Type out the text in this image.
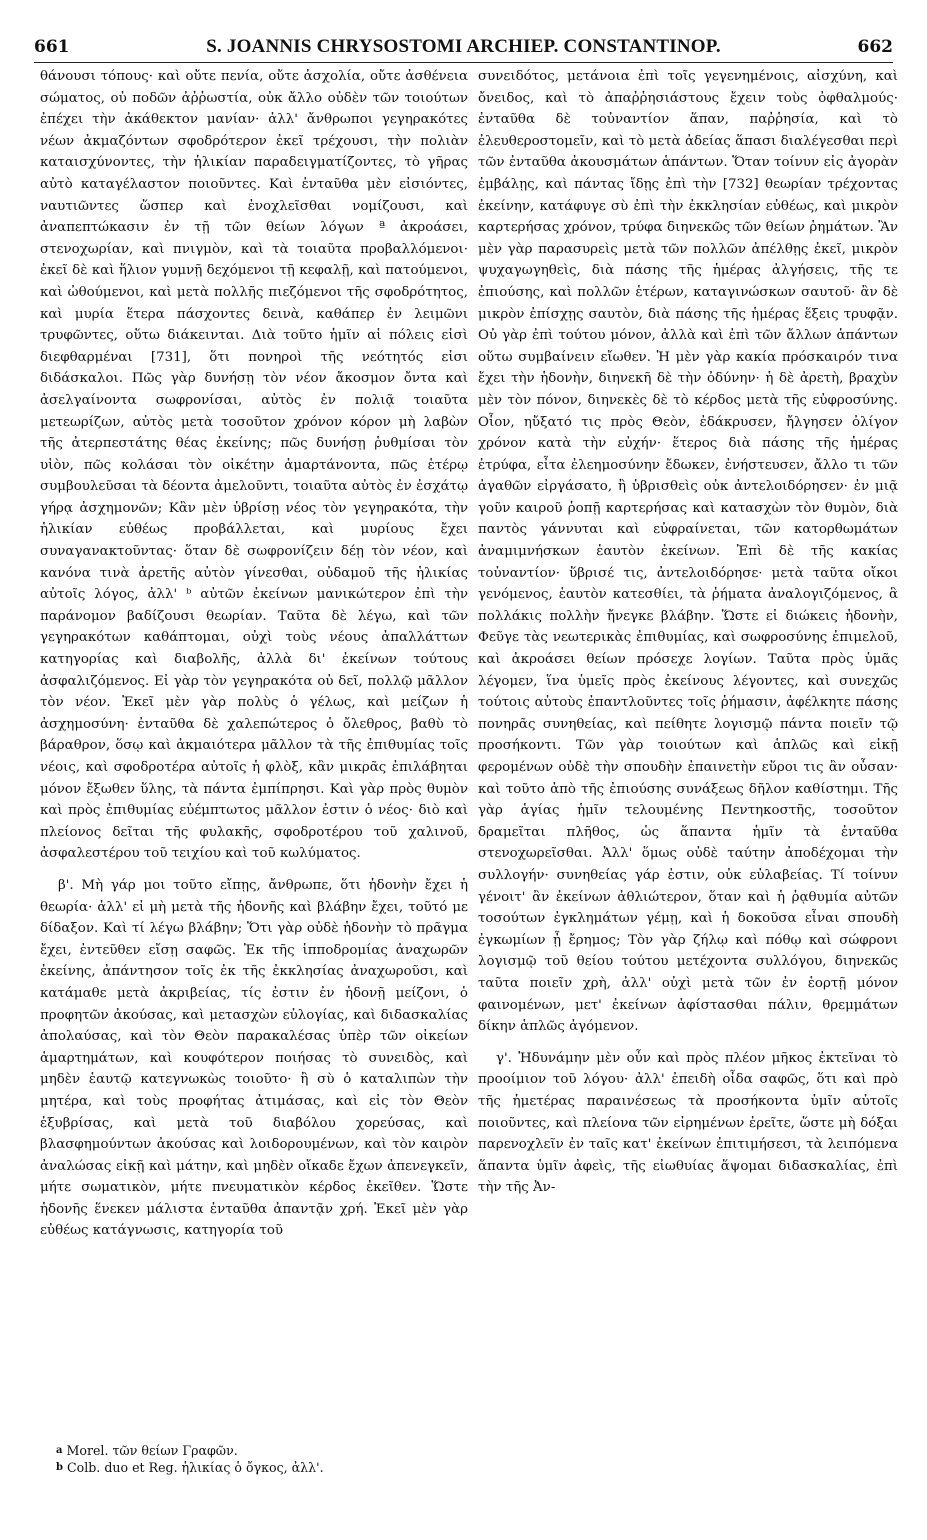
661	S. JOANNIS CHRYSOSTOMI ARCHIEP. CONSTANTINOP.	662

θάνουσι τόπους· καὶ οὔτε πενία, οὔτε ἀσχολία, οὔτε ἀσθένεια σώματος, οὐ ποδῶν ἀῤῥωστία, οὐκ ἄλλο οὐδὲν τῶν τοιούτων ἐπέχει τὴν ἀκάθεκτον μανίαν· ἀλλ' ἄνθρωποι γεγηρακότες νέων ἀκμαζόντων σφοδρότερον ἐκεῖ τρέχουσι, τὴν πολιὰν καταισχύνοντες, τὴν ἡλικίαν παραδειγματίζοντες, τὸ γῆρας αὐτὸ καταγέλαστον ποιοῦντες. Καὶ ἐνταῦθα μὲν εἰσιόντες, ναυτιῶντες ὥσπερ καὶ ἐνοχλεῖσθαι νομίζουσι, καὶ ἀναπεπτώκασιν ἐν τῇ τῶν θείων λόγων ª ἀκροάσει, στενοχωρίαν, καὶ πνιγμὸν, καὶ τὰ τοιαῦτα προβαλλόμενοι· ἐκεῖ δὲ καὶ ἥλιον γυμνῇ δεχόμενοι τῇ κεφαλῇ, καὶ πατούμενοι, καὶ ὠθούμενοι, καὶ μετὰ πολλῆς πιεζόμενοι τῆς σφοδρότητος, καὶ μυρία ἕτερα πάσχοντες δεινὰ, καθάπερ ἐν λειμῶνι τρυφῶντες, οὕτω διάκεινται. Διὰ τοῦτο ἡμῖν αἱ πόλεις εἰσὶ διεφθαρμέναι [731], ὅτι πονηροὶ τῆς νεότητός εἰσι διδάσκαλοι. Πῶς γὰρ δυνήσῃ τὸν νέον ἄκοσμον ὄντα καὶ ἀσελγαίνοντα σωφρονίσαι, αὐτὸς ἐν πολιᾷ τοιαῦτα μετεωρίζων, αὐτὸς μετὰ τοσοῦτον χρόνον κόρον μὴ λαβὼν τῆς ἀτερπεστάτης θέας ἐκείνης; πῶς δυνήσῃ ῥυθμίσαι τὸν υἱὸν, πῶς κολάσαι τὸν οἰκέτην ἁμαρτάνοντα, πῶς ἑτέρῳ συμβουλεῦσαι τὰ δέοντα ἀμελοῦντι, τοιαῦτα αὐτὸς ἐν ἐσχάτῳ γήρᾳ ἀσχημονῶν; Κἂν μὲν ὑβρίσῃ νέος τὸν γεγηρακότα, τὴν ἡλικίαν εὐθέως προβάλλεται, καὶ μυρίους ἔχει συναγανακτοῦντας· ὅταν δὲ σωφρονίζειν δέῃ τὸν νέον, καὶ κανόνα τινὰ ἀρετῆς αὐτὸν γίνεσθαι, οὐδαμοῦ τῆς ἡλικίας αὐτοῖς λόγος, ἀλλ' ᵇ αὐτῶν ἐκείνων μανικώτερον ἐπὶ τὴν παράνομον βαδίζουσι θεωρίαν. Ταῦτα δὲ λέγω, καὶ τῶν γεγηρακότων καθάπτομαι, οὐχὶ τοὺς νέους ἀπαλλάττων κατηγορίας καὶ διαβολῆς, ἀλλὰ δι' ἐκείνων τούτους ἀσφαλιζόμενος. Εἰ γὰρ τὸν γεγηρακότα οὐ δεῖ, πολλῷ μᾶλλον τὸν νέον. Ἐκεῖ μὲν γὰρ πολὺς ὁ γέλως, καὶ μείζων ἡ ἀσχημοσύνη· ἐνταῦθα δὲ χαλεπώτερος ὁ ὄλεθρος, βαθὺ τὸ βάραθρον, ὅσῳ καὶ ἀκμαιότερα μᾶλλον τὰ τῆς ἐπιθυμίας τοῖς νέοις, καὶ σφοδροτέρα αὐτοῖς ἡ φλὸξ, κἂν μικρᾶς ἐπιλάβηται μόνον ἔξωθεν ὕλης, τὰ πάντα ἐμπίπρησι. Καὶ γὰρ πρὸς θυμὸν καὶ πρὸς ἐπιθυμίας εὐέμπτωτος μᾶλλον ἐστιν ὁ νέος· διὸ καὶ πλείονος δεῖται τῆς φυλακῆς, σφοδροτέρου τοῦ χαλινοῦ, ἀσφαλεστέρου τοῦ τειχίου καὶ τοῦ κωλύματος.

β'. Μὴ γάρ μοι τοῦτο εἴπῃς, ἄνθρωπε, ὅτι ἡδονὴν ἔχει ἡ θεωρία· ἀλλ' εἰ μὴ μετὰ τῆς ἡδονῆς καὶ βλάβην ἔχει, τοῦτό με δίδαξον. Καὶ τί λέγω βλάβην; Ὅτι γὰρ οὐδὲ ἡδονὴν τὸ πρᾶγμα ἔχει, ἐντεῦθεν εἴσῃ σαφῶς. Ἐκ τῆς ἱπποδρομίας ἀναχωρῶν ἐκείνης, ἀπάντησον τοῖς ἐκ τῆς ἐκκλησίας ἀναχωροῦσι, καὶ κατάμαθε μετὰ ἀκριβείας, τίς ἐστιν ἐν ἡδονῇ μείζονι, ὁ προφητῶν ἀκούσας, καὶ μετασχὼν εὐλογίας, καὶ διδασκαλίας ἀπολαύσας, καὶ τὸν Θεὸν παρακαλέσας ὑπὲρ τῶν οἰκείων ἁμαρτημάτων, καὶ κουφότερον ποιήσας τὸ συνειδὸς, καὶ μηδὲν ἑαυτῷ κατεγνωκὼς τοιοῦτο· ἢ σὺ ὁ καταλιπὼν τὴν μητέρα, καὶ τοὺς προφήτας ἀτιμάσας, καὶ εἰς τὸν Θεὸν ἐξυβρίσας, καὶ μετὰ τοῦ διαβόλου χορεύσας, καὶ βλασφημούντων ἀκούσας καὶ λοιδορουμένων, καὶ τὸν καιρὸν ἀναλώσας εἰκῇ καὶ μάτην, καὶ μηδὲν οἴκαδε ἔχων ἀπενεγκεῖν, μήτε σωματικὸν, μήτε πνευματικὸν κέρδος ἐκεῖθεν. Ὥστε ἡδονῆς ἕνεκεν μάλιστα ἐνταῦθα ἀπαντᾷν χρή. Ἐκεῖ μὲν γὰρ εὐθέως κατάγνωσις, κατηγορία τοῦ

συνειδότος, μετάνοια ἐπὶ τοῖς γεγενημένοις, αἰσχύνη, καὶ ὄνειδος, καὶ τὸ ἀπαῤῥησιάστους ἔχειν τοὺς ὀφθαλμούς· ἐνταῦθα δὲ τοὐναντίον ἅπαν, παῤῥησία, καὶ τὸ ἐλευθεροστομεῖν, καὶ τὸ μετὰ ἀδείας ἅπασι διαλέγεσθαι περὶ τῶν ἐνταῦθα ἀκουσμάτων ἁπάντων. Ὅταν τοίνυν εἰς ἀγορὰν ἐμβάλῃς, καὶ πάντας ἴδῃς ἐπὶ τὴν [732] θεωρίαν τρέχοντας ἐκείνην, κατάφυγε σὺ ἐπὶ τὴν ἐκκλησίαν εὐθέως, καὶ μικρὸν καρτερήσας χρόνον, τρύφα διηνεκῶς τῶν θείων ῥημάτων. Ἂν μὲν γὰρ παρασυρεὶς μετὰ τῶν πολλῶν ἀπέλθῃς ἐκεῖ, μικρὸν ψυχαγωγηθεὶς, διὰ πάσης τῆς ἡμέρας ἀλγήσεις, τῆς τε ἐπιούσης, καὶ πολλῶν ἑτέρων, καταγινώσκων σαυτοῦ· ἂν δὲ μικρὸν ἐπίσχῃς σαυτὸν, διὰ πάσης τῆς ἡμέρας ἕξεις τρυφᾷν. Οὐ γὰρ ἐπὶ τούτου μόνον, ἀλλὰ καὶ ἐπὶ τῶν ἄλλων ἁπάντων οὕτω συμβαίνειν εἴωθεν. Ἡ μὲν γὰρ κακία πρόσκαιρόν τινα ἔχει τὴν ἡδονὴν, διηνεκῆ δὲ τὴν ὀδύνην· ἡ δὲ ἀρετὴ, βραχὺν μὲν τὸν πόνον, διηνεκὲς δὲ τὸ κέρδος μετὰ τῆς εὐφροσύνης. Οἷον, ηὔξατό τις πρὸς Θεὸν, ἐδάκρυσεν, ἤλγησεν ὀλίγον χρόνον κατὰ τὴν εὐχήν· ἕτερος διὰ πάσης τῆς ἡμέρας ἐτρύφα, εἶτα ἐλεημοσύνην ἔδωκεν, ἐνήστευσεν, ἄλλο τι τῶν ἀγαθῶν εἰργάσατο, ἢ ὑβρισθεὶς οὐκ ἀντελοιδόρησεν· ἐν μιᾷ γοῦν καιροῦ ῥοπῇ καρτερήσας καὶ κατασχὼν τὸν θυμὸν, διὰ παντὸς γάννυται καὶ εὐφραίνεται, τῶν κατορθωμάτων ἀναμιμνήσκων ἑαυτὸν ἐκείνων. Ἐπὶ δὲ τῆς κακίας τοὐναντίον· ὕβρισέ τις, ἀντελοιδόρησε· μετὰ ταῦτα οἴκοι γενόμενος, ἑαυτὸν κατεσθίει, τὰ ῥήματα ἀναλογιζόμενος, ἃ πολλάκις πολλὴν ἤνεγκε βλάβην. Ὥστε εἰ διώκεις ἡδονὴν, Φεῦγε τὰς νεωτερικὰς ἐπιθυμίας, καὶ σωφροσύνης ἐπιμελοῦ, καὶ ἀκροάσει θείων πρόσεχε λογίων. Ταῦτα πρὸς ὑμᾶς λέγομεν, ἵνα ὑμεῖς πρὸς ἐκείνους λέγοντες, καὶ συνεχῶς τούτοις αὐτοὺς ἐπαντλοῦντες τοῖς ῥήμασιν, ἀφέλκητε πάσης πονηρᾶς συνηθείας, καὶ πείθητε λογισμῷ πάντα ποιεῖν τῷ προσήκοντι. Τῶν γὰρ τοιούτων καὶ ἁπλῶς καὶ εἰκῇ φερομένων οὐδὲ τὴν σπουδὴν ἐπαινετὴν εὕροι τις ἂν οὖσαν· καὶ τοῦτο ἀπὸ τῆς ἐπιούσης συνάξεως δῆλον καθίστημι. Τῆς γὰρ ἁγίας ἡμῖν τελουμένης Πεντηκοστῆς, τοσοῦτον δραμεῖται πλῆθος, ὡς ἅπαντα ἡμῖν τὰ ἐνταῦθα στενοχωρεῖσθαι. Ἀλλ' ὅμως οὐδὲ ταύτην ἀποδέχομαι τὴν συλλογήν· συνηθείας γάρ ἐστιν, οὐκ εὐλαβείας. Τί τοίνυν γένοιτ' ἂν ἐκείνων ἀθλιώτερον, ὅταν καὶ ἡ ῥᾳθυμία αὐτῶν τοσούτων ἐγκλημάτων γέμῃ, καὶ ἡ δοκοῦσα εἶναι σπουδὴ ἐγκωμίων ᾖ ἔρημος; Τὸν γὰρ ζήλῳ καὶ πόθῳ καὶ σώφρονι λογισμῷ τοῦ θείου τούτου μετέχοντα συλλόγου, διηνεκῶς ταῦτα ποιεῖν χρὴ, ἀλλ' οὐχὶ μετὰ τῶν ἐν ἑορτῇ μόνον φαινομένων, μετ' ἐκείνων ἀφίστασθαι πάλιν, θρεμμάτων δίκην ἁπλῶς ἀγόμενον.

γ'. Ἠδυνάμην μὲν οὖν καὶ πρὸς πλέον μῆκος ἐκτεῖναι τὸ προοίμιον τοῦ λόγου· ἀλλ' ἐπειδὴ οἶδα σαφῶς, ὅτι καὶ πρὸ τῆς ἡμετέρας παραινέσεως τὰ προσήκοντα ὑμῖν αὐτοῖς ποιοῦντες, καὶ πλείονα τῶν εἰρημένων ἐρεῖτε, ὥστε μὴ δόξαι παρενοχλεῖν ἐν ταῖς κατ' ἐκείνων ἐπιτιμήσεσι, τὰ λειπόμενα ἅπαντα ὑμῖν ἀφεὶς, τῆς εἰωθυίας ἅψομαι διδασκαλίας, ἐπὶ τὴν τῆς Ἀν-

$^a$ Morel. τῶν θείων Γραφῶν.

$^b$ Colb. duo et Reg. ἡλικίας ὁ ὄγκος, ἀλλ'.
